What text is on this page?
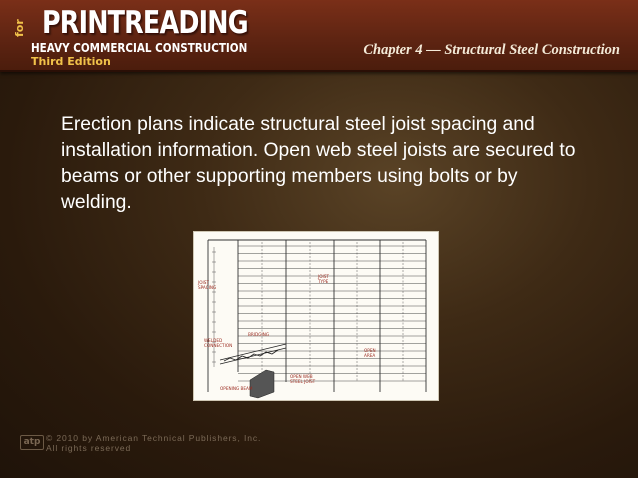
PRINTREADING
for
HEAVY COMMERCIAL CONSTRUCTION
Third Edition
Chapter 4 — Structural Steel Construction

Erection plans indicate structural steel joist spacing and installation information. Open web steel joists are secured to beams or other supporting members using bolts or by welding.

JOIST SPACING
JOIST TYPE
WELDED CONNECTION
OPEN AREA
OPEN WEB STEEL JOIST
OPENING BEAM
BRIDGING
atp © 2010 by American Technical Publishers, Inc.
All rights reserved
